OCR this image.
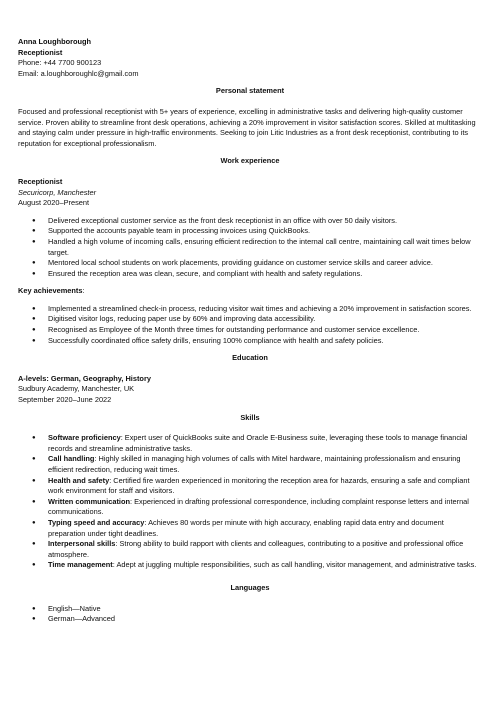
Anna Loughborough
Receptionist
Phone: +44 7700 900123
Email: a.loughboroughlc@gmail.com
Personal statement

Focused and professional receptionist with 5+ years of experience, excelling in administrative tasks and delivering high-quality customer service. Proven ability to streamline front desk operations, achieving a 20% improvement in visitor satisfaction scores. Skilled at multitasking and staying calm under pressure in high-traffic environments. Seeking to join Litic Industries as a front desk receptionist, contributing to its reputation for exceptional professionalism.

Work experience
Receptionist
Securicorp, Manchester
August 2020–Present
● Delivered exceptional customer service as the front desk receptionist in an office with over 50 daily visitors.
● Supported the accounts payable team in processing invoices using QuickBooks.
● Handled a high volume of incoming calls, ensuring efficient redirection to the internal call centre, maintaining call wait times below target.
● Mentored local school students on work placements, providing guidance on customer service skills and career advice.
● Ensured the reception area was clean, secure, and compliant with health and safety regulations.

Key achievements:

● Implemented a streamlined check-in process, reducing visitor wait times and achieving a 20% improvement in satisfaction scores.
● Digitised visitor logs, reducing paper use by 60% and improving data accessibility.
● Recognised as Employee of the Month three times for outstanding performance and customer service excellence.
● Successfully coordinated office safety drills, ensuring 100% compliance with health and safety policies.
Education
A-levels: German, Geography, History
Sudbury Academy, Manchester, UK
September 2020–June 2022
Skills
● Software proficiency: Expert user of QuickBooks suite and Oracle E-Business suite, leveraging these tools to manage financial records and streamline administrative tasks.
● Call handling: Highly skilled in managing high volumes of calls with Mitel hardware, maintaining professionalism and ensuring efficient redirection, reducing wait times.
● Health and safety: Certified fire warden experienced in monitoring the reception area for hazards, ensuring a safe and compliant work environment for staff and visitors.
● Written communication: Experienced in drafting professional correspondence, including complaint response letters and internal communications.
● Typing speed and accuracy: Achieves 80 words per minute with high accuracy, enabling rapid data entry and document preparation under tight deadlines.
● Interpersonal skills: Strong ability to build rapport with clients and colleagues, contributing to a positive and professional office atmosphere.
● Time management: Adept at juggling multiple responsibilities, such as call handling, visitor management, and administrative tasks.
Languages
● English—Native
● German—Advanced
